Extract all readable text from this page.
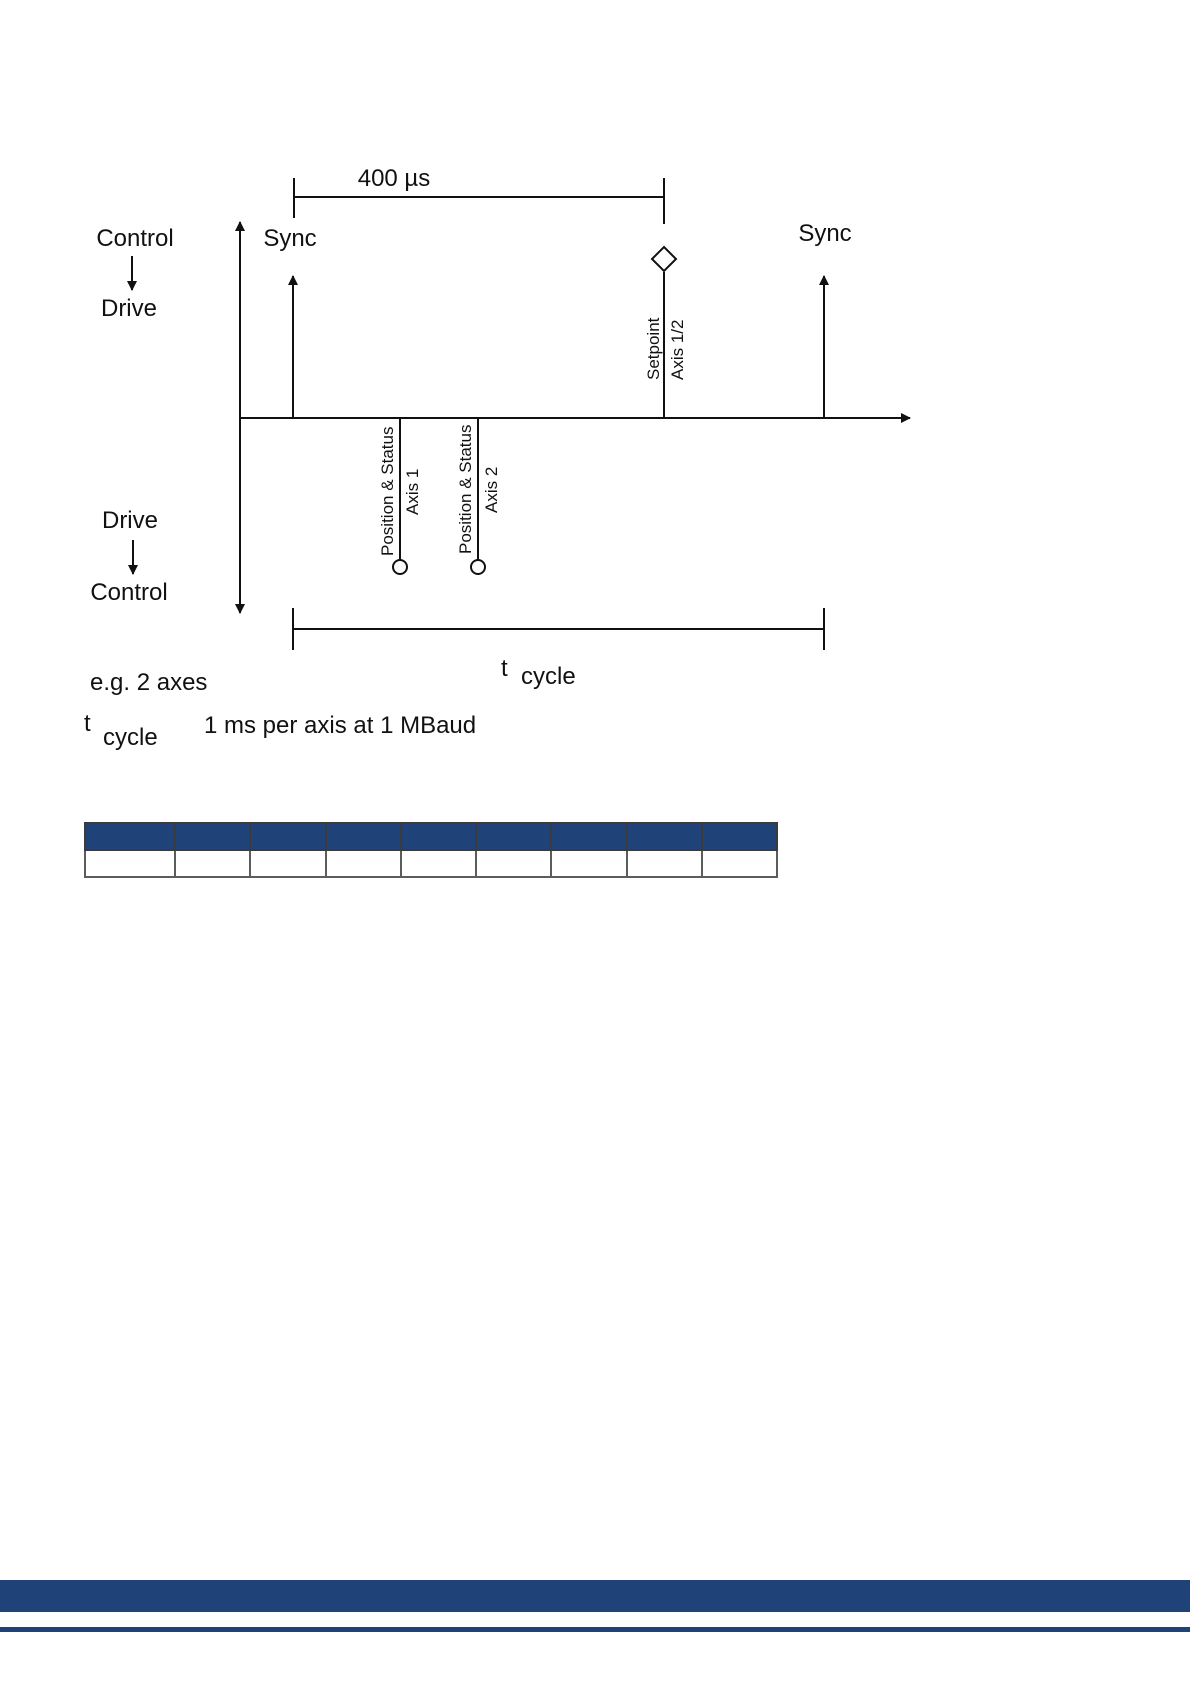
400 µs
Control
Drive
Drive
Control
Sync	Sync
Setpoint Axis 1/2
Position & Status Axis 1 Position & Status Axis 2
t cycle
e.g. 2 axes
t
cycle 1 ms per axis at 1 MBaud
